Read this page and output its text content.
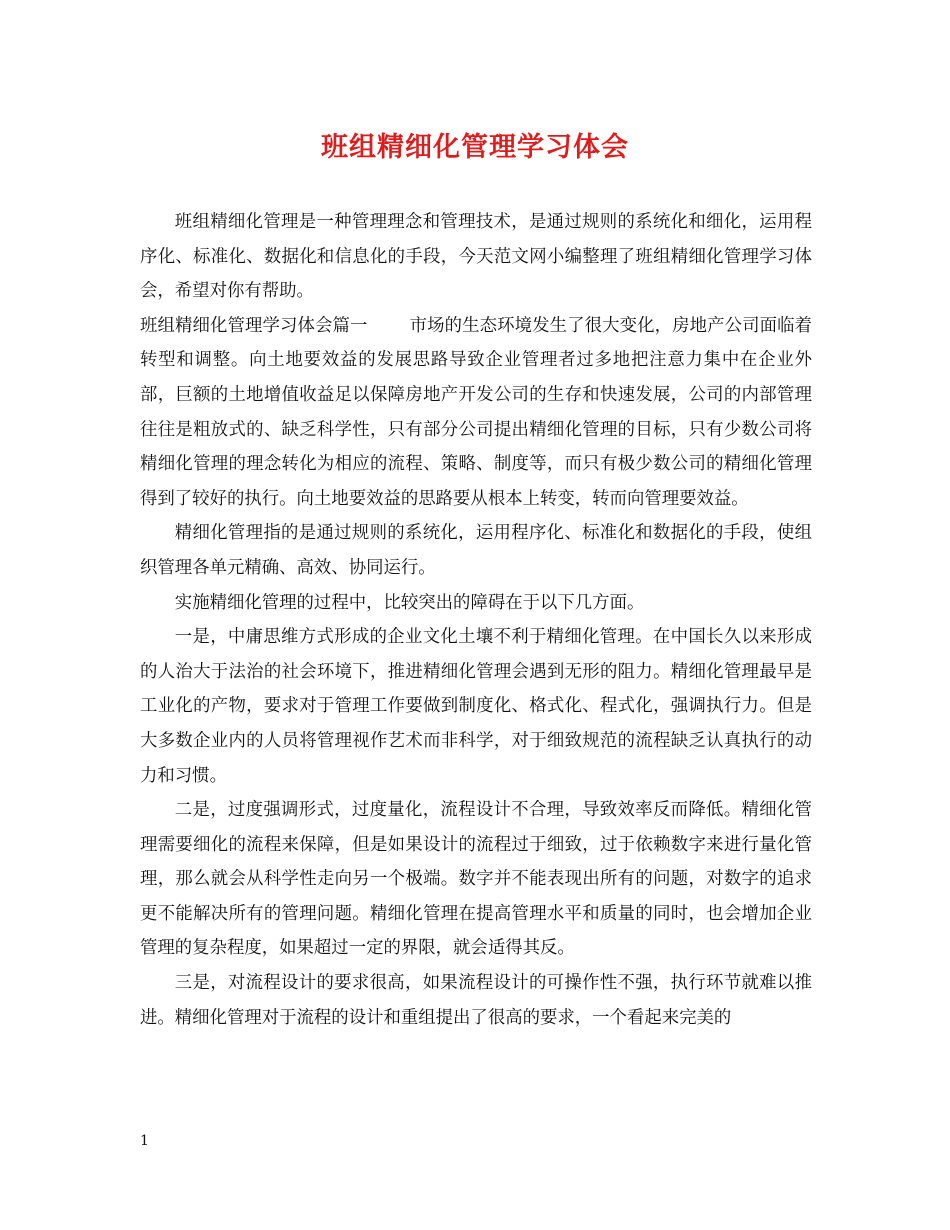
班组精细化管理学习体会

班组精细化管理是一种管理理念和管理技术，是通过规则的系统化和细化，运用程序化、标准化、数据化和信息化的手段，今天范文网小编整理了班组精细化管理学习体会，希望对你有帮助。

班组精细化管理学习体会篇一 市场的生态环境发生了很大变化，房地产公司面临着转型和调整。向土地要效益的发展思路导致企业管理者过多地把注意力集中在企业外部，巨额的土地增值收益足以保障房地产开发公司的生存和快速发展，公司的内部管理往往是粗放式的、缺乏科学性，只有部分公司提出精细化管理的目标，只有少数公司将精细化管理的理念转化为相应的流程、策略、制度等，而只有极少数公司的精细化管理得到了较好的执行。向土地要效益的思路要从根本上转变，转而向管理要效益。

精细化管理指的是通过规则的系统化，运用程序化、标准化和数据化的手段，使组织管理各单元精确、高效、协同运行。

实施精细化管理的过程中，比较突出的障碍在于以下几方面。

一是，中庸思维方式形成的企业文化土壤不利于精细化管理。在中国长久以来形成的人治大于法治的社会环境下，推进精细化管理会遇到无形的阻力。精细化管理最早是工业化的产物，要求对于管理工作要做到制度化、格式化、程式化，强调执行力。但是大多数企业内的人员将管理视作艺术而非科学，对于细致规范的流程缺乏认真执行的动力和习惯。

二是，过度强调形式，过度量化，流程设计不合理，导致效率反而降低。精细化管理需要细化的流程来保障，但是如果设计的流程过于细致，过于依赖数字来进行量化管理，那么就会从科学性走向另一个极端。数字并不能表现出所有的问题，对数字的追求更不能解决所有的管理问题。精细化管理在提高管理水平和质量的同时，也会增加企业管理的复杂程度，如果超过一定的界限，就会适得其反。

三是，对流程设计的要求很高，如果流程设计的可操作性不强，执行环节就难以推进。精细化管理对于流程的设计和重组提出了很高的要求，一个看起来完美的

1
